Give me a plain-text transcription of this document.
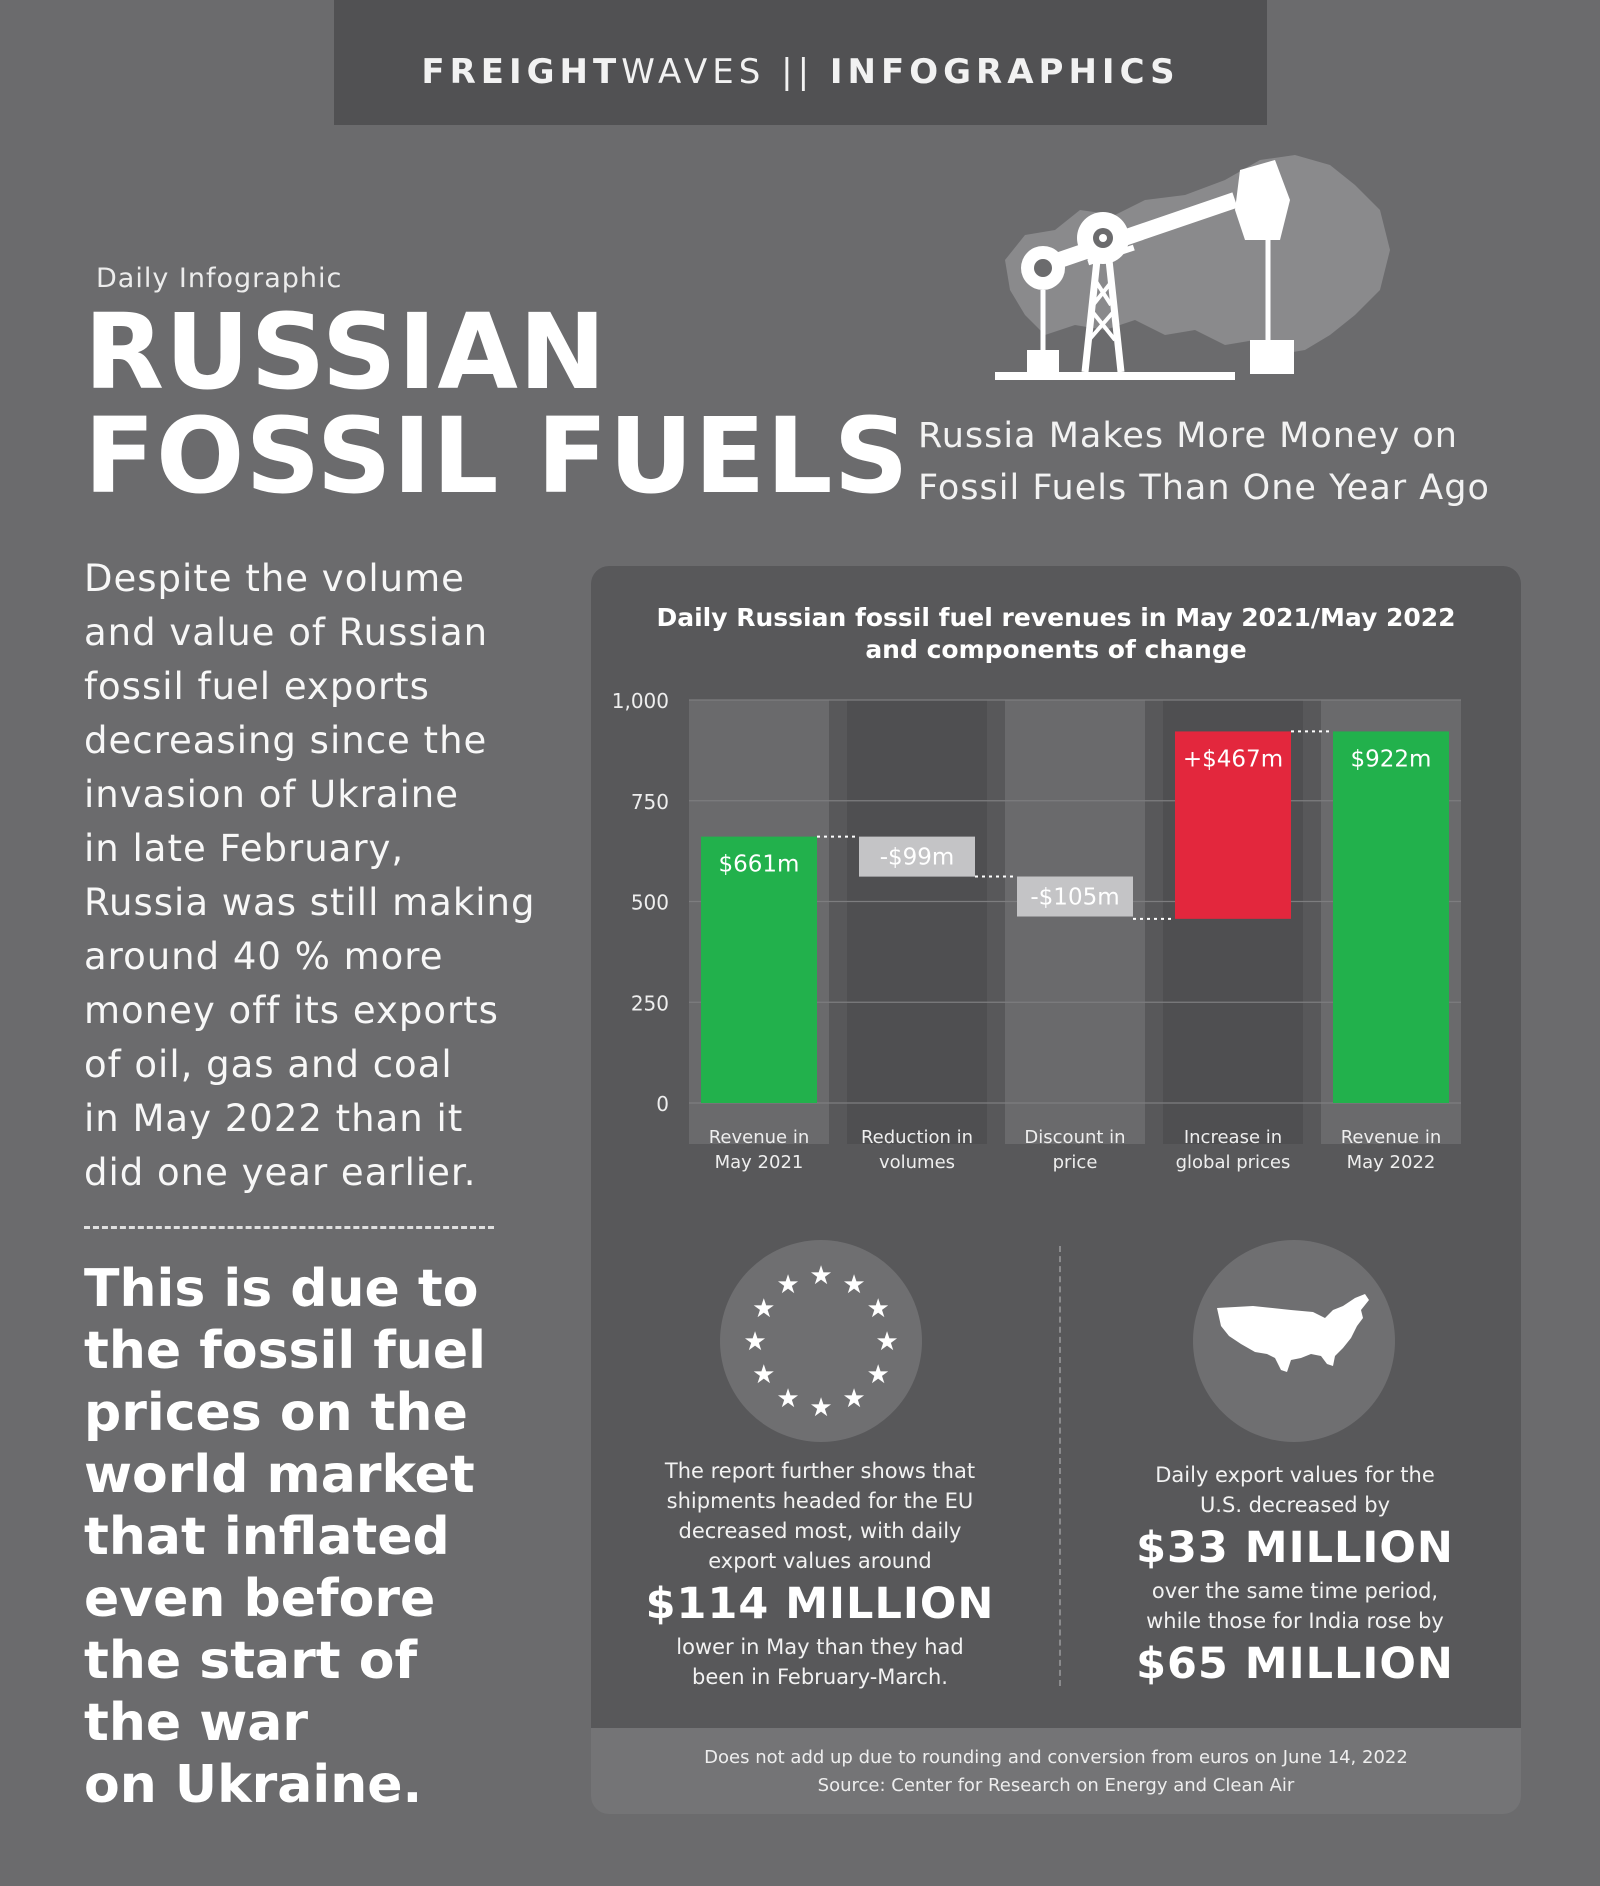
FREIGHTWAVES || INFOGRAPHICS
Daily Infographic
RUSSIAN
FOSSIL FUELS Russia Makes More Money on
Fossil Fuels Than One Year Ago
Despite the volume
and value of Russian
fossil fuel exports
decreasing since the
invasion of Ukraine
in late February,
Russia was still making
around 40 % more
money off its exports
of oil, gas and coal
in May 2022 than it
did one year earlier.
This is due to
the fossil fuel
prices on the
world market
that inflated
even before
the start of
the war
on Ukraine.
Daily Russian fossil fuel revenues in May 2021/May 2022
and components of change
0
250
500
750
1,000
$661m	-$99m
-$105m
+$467m	$922m
Revenue in
May 2021
Reduction in
volumes
Discount in
price
Increase in
global prices
Revenue in
May 2022
Does not add up due to rounding and conversion from euros on June 14, 2022
Source: Center for Research on Energy and Clean Air
★ ★
★
★
★
★
★
★
★
★
★
★
The report further shows that
shipments headed for the EU
decreased most, with daily
export values around
$114 MILLION
lower in May than they had
been in February-March.
Daily export values for the
U.S. decreased by
$33 MILLION
over the same time period,
while those for India rose by
$65 MILLION
